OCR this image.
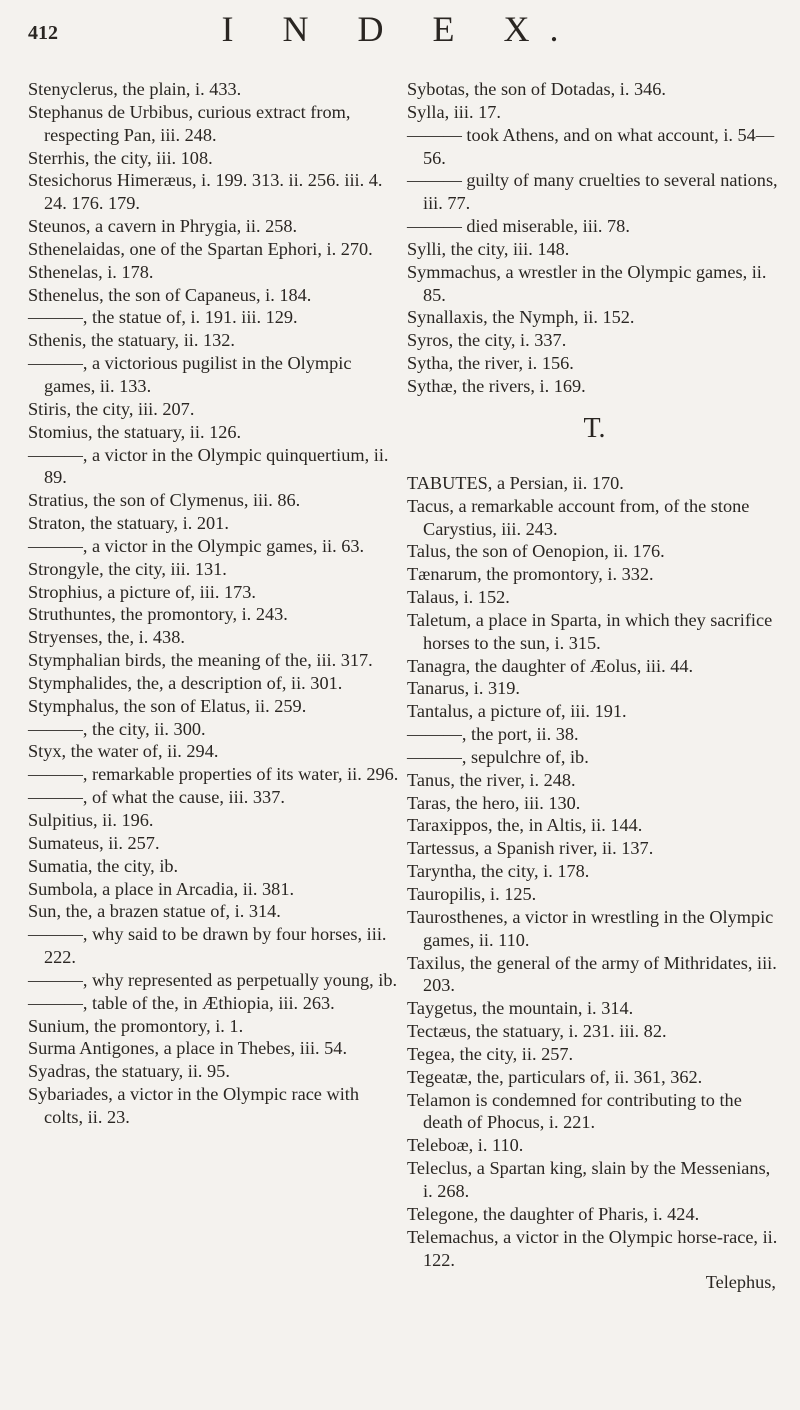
412	I N D E X.
Stenyclerus, the plain, i. 433.
Stephanus de Urbibus, curious extract from, respecting Pan, iii. 248.
Sterrhis, the city, iii. 108.
Stesichorus Himeræus, i. 199. 313. ii. 256. iii. 4. 24. 176. 179.
Steunos, a cavern in Phrygia, ii. 258.
Sthenelaidas, one of the Spartan Ephori, i. 270.
Sthenelas, i. 178.
Sthenelus, the son of Capaneus, i. 184.
———, the statue of, i. 191. iii. 129.
Sthenis, the statuary, ii. 132.
———, a victorious pugilist in the Olympic games, ii. 133.
Stiris, the city, iii. 207.
Stomius, the statuary, ii. 126.
———, a victor in the Olympic quinquertium, ii. 89.
Stratius, the son of Clymenus, iii. 86.
Straton, the statuary, i. 201.
———, a victor in the Olympic games, ii. 63.
Strongyle, the city, iii. 131.
Strophius, a picture of, iii. 173.
Struthuntes, the promontory, i. 243.
Stryenses, the, i. 438.
Stymphalian birds, the meaning of the, iii. 317.
Stymphalides, the, a description of, ii. 301.
Stymphalus, the son of Elatus, ii. 259.
———, the city, ii. 300.
Styx, the water of, ii. 294.
———, remarkable properties of its water, ii. 296.
———, of what the cause, iii. 337.
Sulpitius, ii. 196.
Sumateus, ii. 257.
Sumatia, the city, ib.
Sumbola, a place in Arcadia, ii. 381.
Sun, the, a brazen statue of, i. 314.
———, why said to be drawn by four horses, iii. 222.
———, why represented as perpetually young, ib.
———, table of the, in Æthiopia, iii. 263.
Sunium, the promontory, i. 1.
Surma Antigones, a place in Thebes, iii. 54.
Syadras, the statuary, ii. 95.
Sybariades, a victor in the Olympic race with colts, ii. 23.
Sybotas, the son of Dotadas, i. 346.
Sylla, iii. 17.
——— took Athens, and on what account, i. 54—56.
——— guilty of many cruelties to several nations, iii. 77.
——— died miserable, iii. 78.
Sylli, the city, iii. 148.
Symmachus, a wrestler in the Olympic games, ii. 85.
Synallaxis, the Nymph, ii. 152.
Syros, the city, i. 337.
Sytha, the river, i. 156.
Sythæ, the rivers, i. 169.
T.
TABUTES, a Persian, ii. 170.
Tacus, a remarkable account from, of the stone Carystius, iii. 243.
Talus, the son of Oenopion, ii. 176.
Tænarum, the promontory, i. 332.
Talaus, i. 152.
Taletum, a place in Sparta, in which they sacrifice horses to the sun, i. 315.
Tanagra, the daughter of Æolus, iii. 44.
Tanarus, i. 319.
Tantalus, a picture of, iii. 191.
———, the port, ii. 38.
———, sepulchre of, ib.
Tanus, the river, i. 248.
Taras, the hero, iii. 130.
Taraxippos, the, in Altis, ii. 144.
Tartessus, a Spanish river, ii. 137.
Taryntha, the city, i. 178.
Tauropilis, i. 125.
Taurosthenes, a victor in wrestling in the Olympic games, ii. 110.
Taxilus, the general of the army of Mithridates, iii. 203.
Taygetus, the mountain, i. 314.
Tectæus, the statuary, i. 231. iii. 82.
Tegea, the city, ii. 257.
Tegeatæ, the, particulars of, ii. 361, 362.
Telamon is condemned for contributing to the death of Phocus, i. 221.
Teleboæ, i. 110.
Teleclus, a Spartan king, slain by the Messenians, i. 268.
Telegone, the daughter of Pharis, i. 424.
Telemachus, a victor in the Olympic horse-race, ii. 122.
Telephus,
